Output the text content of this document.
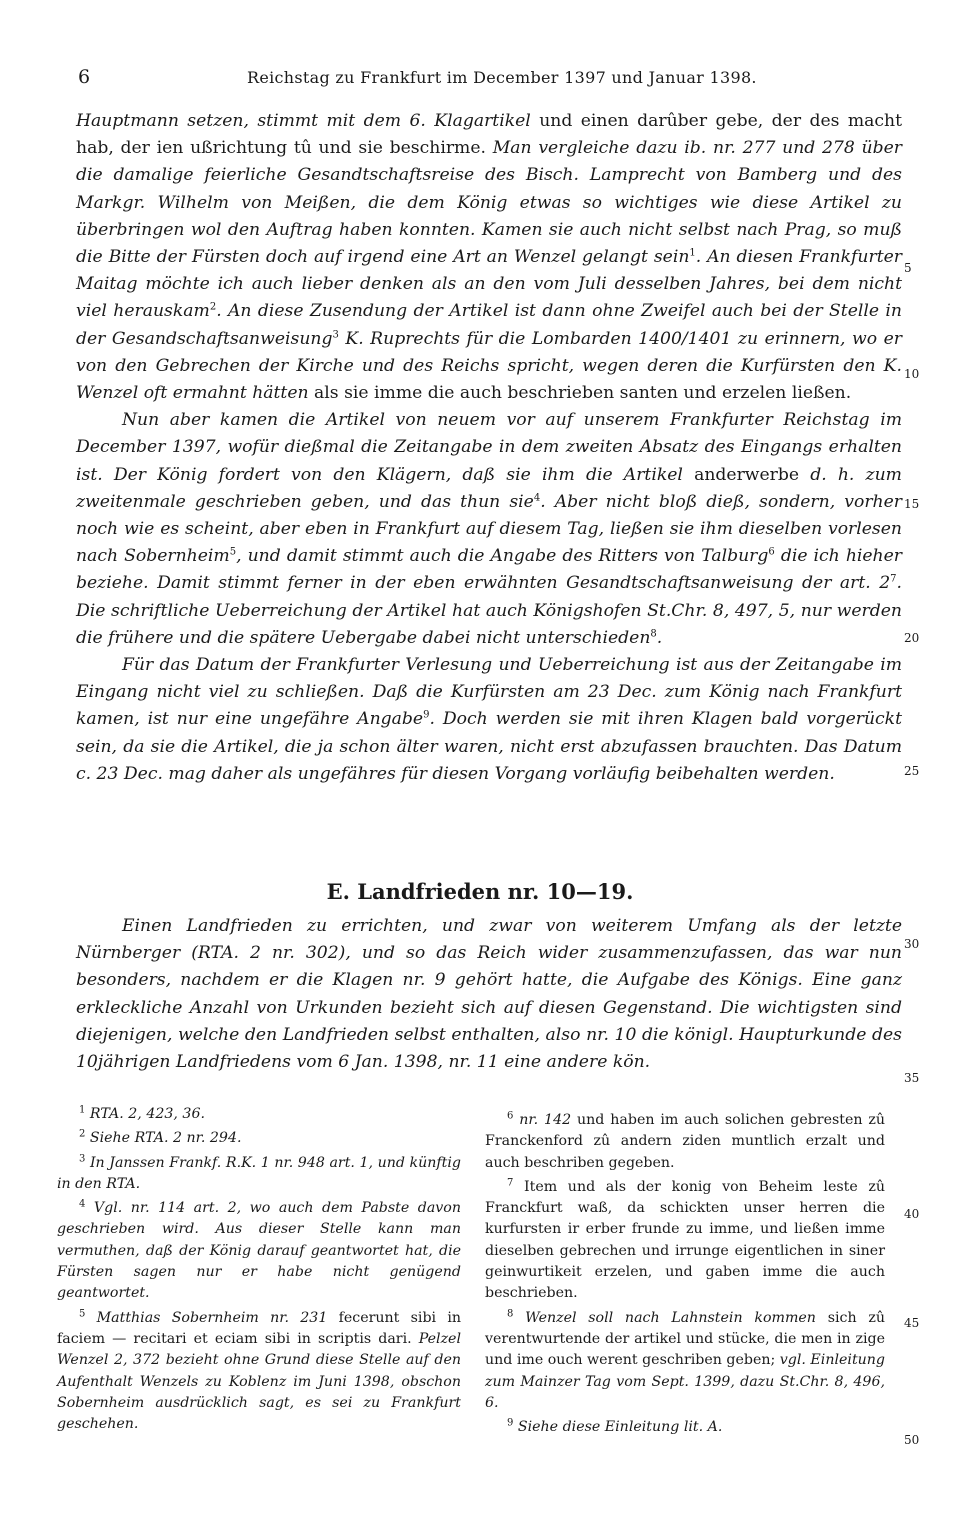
6	Reichstag zu Frankfurt im December 1397 und Januar 1398.

Hauptmann setzen, stimmt mit dem 6. Klagartikel und einen darûber gebe, der des macht hab, der ien ußrichtung tû und sie beschirme. Man vergleiche dazu ib. nr. 277 und 278 über die damalige feierliche Gesandtschaftsreise des Bisch. Lamprecht von Bamberg und des Markgr. Wilhelm von Meißen, die dem König etwas so wichtiges wie diese Artikel zu überbringen wol den Auftrag haben konnten. Kamen sie auch nicht selbst nach Prag, so muß die Bitte der Fürsten doch auf irgend eine Art an Wenzel gelangt sein$^1$. An diesen Frankfurter Maitag möchte ich auch lieber denken als an den vom Juli desselben Jahres, bei dem nicht viel herauskam$^2$. An diese Zusendung der Artikel ist dann ohne Zweifel auch bei der Stelle in der Gesandschaftsanweisung$^3$ K. Ruprechts für die Lombarden 1400/1401 zu erinnern, wo er von den Gebrechen der Kirche und des Reichs spricht, wegen deren die Kurfürsten den K. Wenzel oft ermahnt hätten als sie imme die auch beschrieben santen und erzelen ließen.

Nun aber kamen die Artikel von neuem vor auf unserem Frankfurter Reichstag im December 1397, wofür dießmal die Zeitangabe in dem zweiten Absatz des Eingangs erhalten ist. Der König fordert von den Klägern, daß sie ihm die Artikel anderwerbe d. h. zum zweitenmale geschrieben geben, und das thun sie$^4$. Aber nicht bloß dieß, sondern, vorher noch wie es scheint, aber eben in Frankfurt auf diesem Tag, ließen sie ihm dieselben vorlesen nach Sobernheim$^5$, und damit stimmt auch die Angabe des Ritters von Talburg$^6$ die ich hieher beziehe. Damit stimmt ferner in der eben erwähnten Gesandtschaftsanweisung der art. $2^7$. Die schriftliche Ueberreichung der Artikel hat auch Königshofen St.Chr. 8, 497, 5, nur werden die frühere und die spätere Uebergabe dabei nicht unterschieden$^8$.

Für das Datum der Frankfurter Verlesung und Ueberreichung ist aus der Zeitangabe im Eingang nicht viel zu schließen. Daß die Kurfürsten am 23 Dec. zum König nach Frankfurt kamen, ist nur eine ungefähre Angabe$^9$. Doch werden sie mit ihren Klagen bald vorgerückt sein, da sie die Artikel, die ja schon älter waren, nicht erst abzufassen brauchten. Das Datum c. 23 Dec. mag daher als ungefähres für diesen Vorgang vorläufig beibehalten werden.

E. Landfrieden nr. 10—19.

Einen Landfrieden zu errichten, und zwar von weiterem Umfang als der letzte Nürnberger (RTA. 2 nr. 302), und so das Reich wider zusammenzufassen, das war nun besonders, nachdem er die Klagen nr. 9 gehört hatte, die Aufgabe des Königs. Eine ganz erkleckliche Anzahl von Urkunden bezieht sich auf diesen Gegenstand. Die wichtigsten sind diejenigen, welche den Landfrieden selbst enthalten, also nr. 10 die königl. Haupturkunde des 10jährigen Landfriedens vom 6 Jan. 1398, nr. 11 eine andere kön.

5
10
15
20
25
30
35
40
45
50

$^1$ RTA. 2, 423, 36.

$^2$ Siehe RTA. 2 nr. 294.

$^3$ In Janssen Frankf. R.K. 1 nr. 948 art. 1, und künftig in den RTA.

$^4$ Vgl. nr. 114 art. 2, wo auch dem Pabste davon geschrieben wird. Aus dieser Stelle kann man vermuthen, daß der König darauf geantwortet hat, die Fürsten sagen nur er habe nicht genügend geantwortet.

$^5$ Matthias Sobernheim nr. 231 fecerunt sibi in faciem — recitari et eciam sibi in scriptis dari. Pelzel Wenzel 2, 372 bezieht ohne Grund diese Stelle auf den Aufenthalt Wenzels zu Koblenz im Juni 1398, obschon Sobernheim ausdrücklich sagt, es sei zu Frankfurt geschehen.

$^6$ nr. 142 und haben im auch solichen gebresten zû Franckenford zû andern ziden muntlich erzalt und auch beschriben gegeben.

$^7$ Item und als der konig von Beheim leste zû Franckfurt waß, da schickten unser herren die kurfursten ir erber frunde zu imme, und ließen imme dieselben gebrechen und irrunge eigentlichen in siner geinwurtikeit erzelen, und gaben imme die auch beschrieben.

$^8$ Wenzel soll nach Lahnstein kommen sich zû verentwurtende der artikel und stücke, die men in zige und ime ouch werent geschriben geben; vgl. Einleitung zum Mainzer Tag vom Sept. 1399, dazu St.Chr. 8, 496, 6.

$^9$ Siehe diese Einleitung lit. A.
